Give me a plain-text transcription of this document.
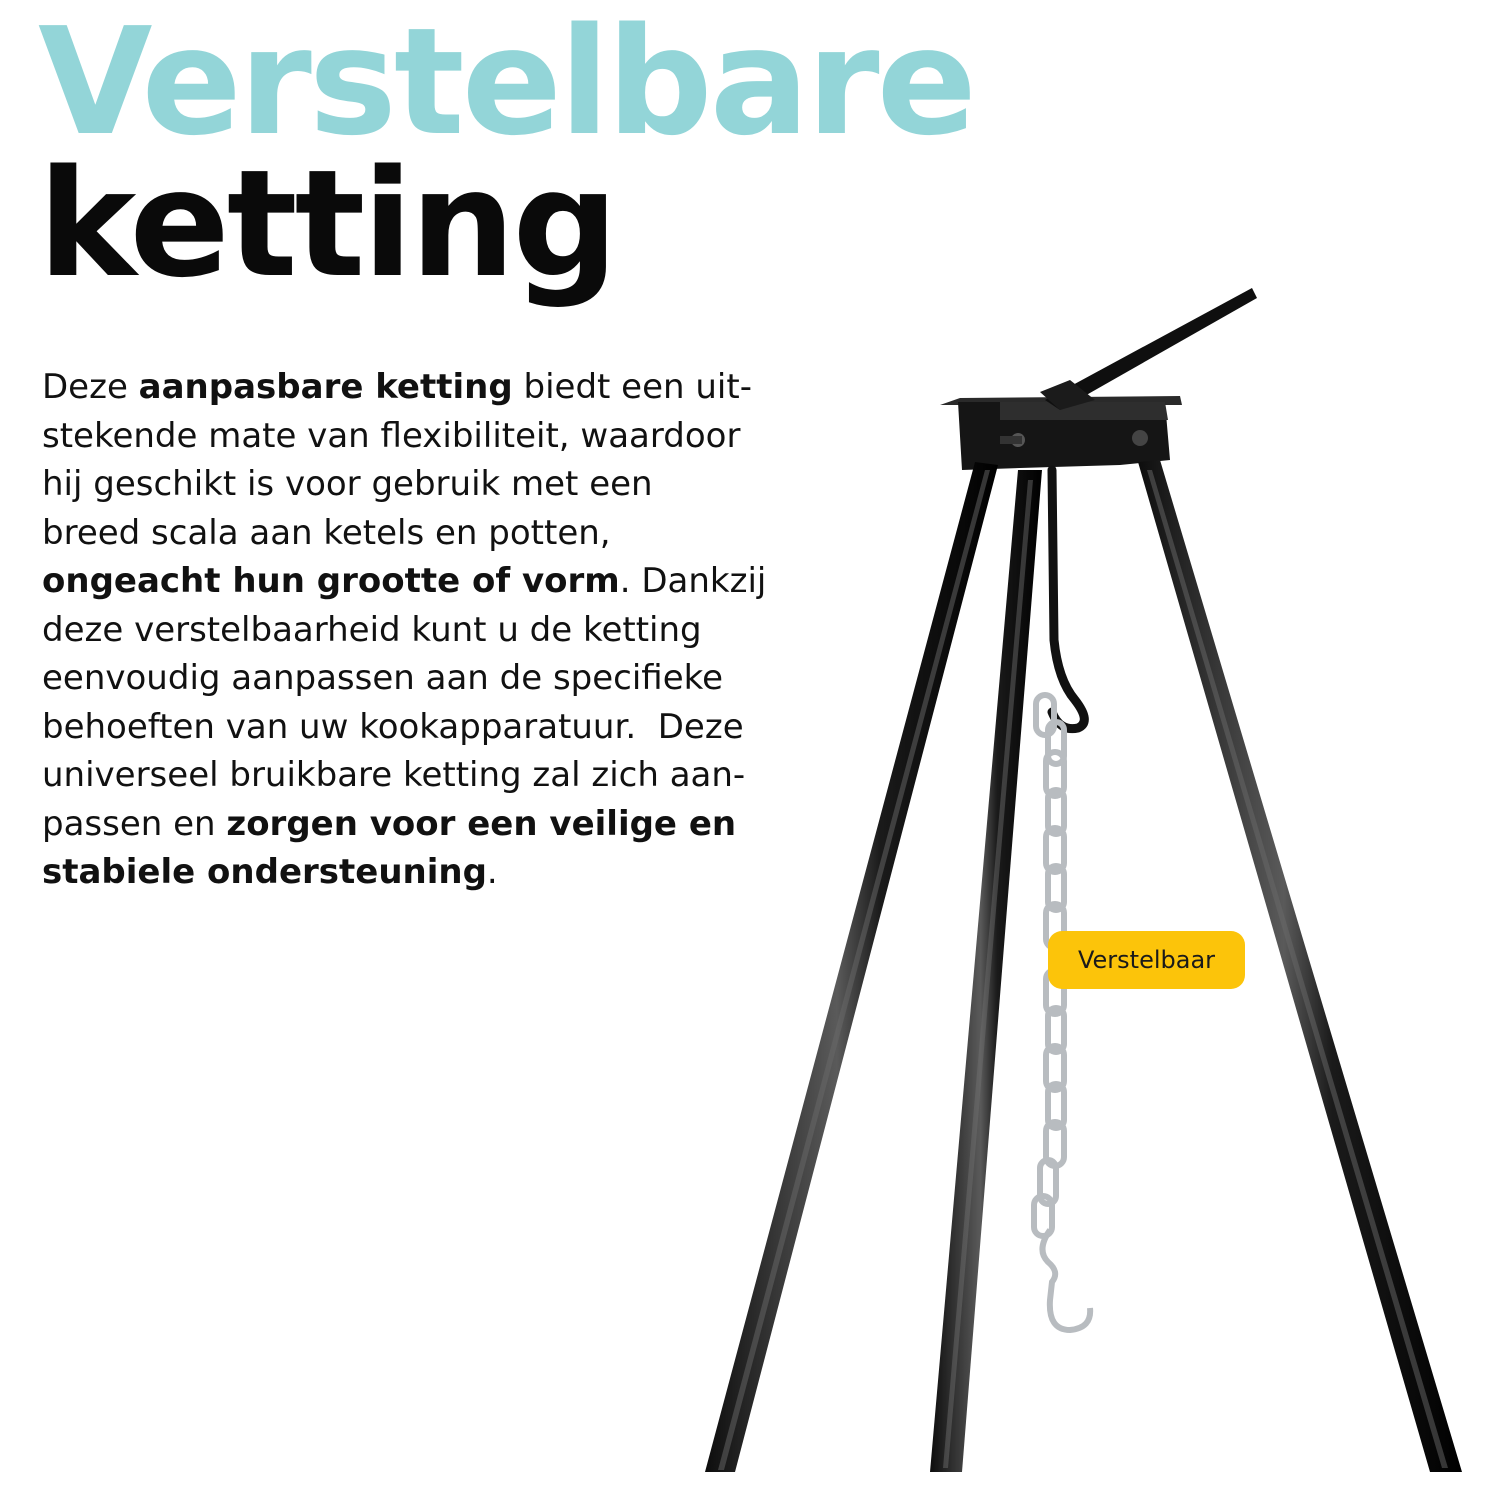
Verstelbare
ketting

Deze aanpasbare ketting biedt een uit-
stekende mate van flexibiliteit, waardoor
hij geschikt is voor gebruik met een
breed scala aan ketels en potten,
ongeacht hun grootte of vorm. Dankzij
deze verstelbaarheid kunt u de ketting
eenvoudig aanpassen aan de specifieke
behoeften van uw kookapparatuur.  Deze
universeel bruikbare ketting zal zich aan-
passen en zorgen voor een veilige en
stabiele ondersteuning.

Verstelbaar
